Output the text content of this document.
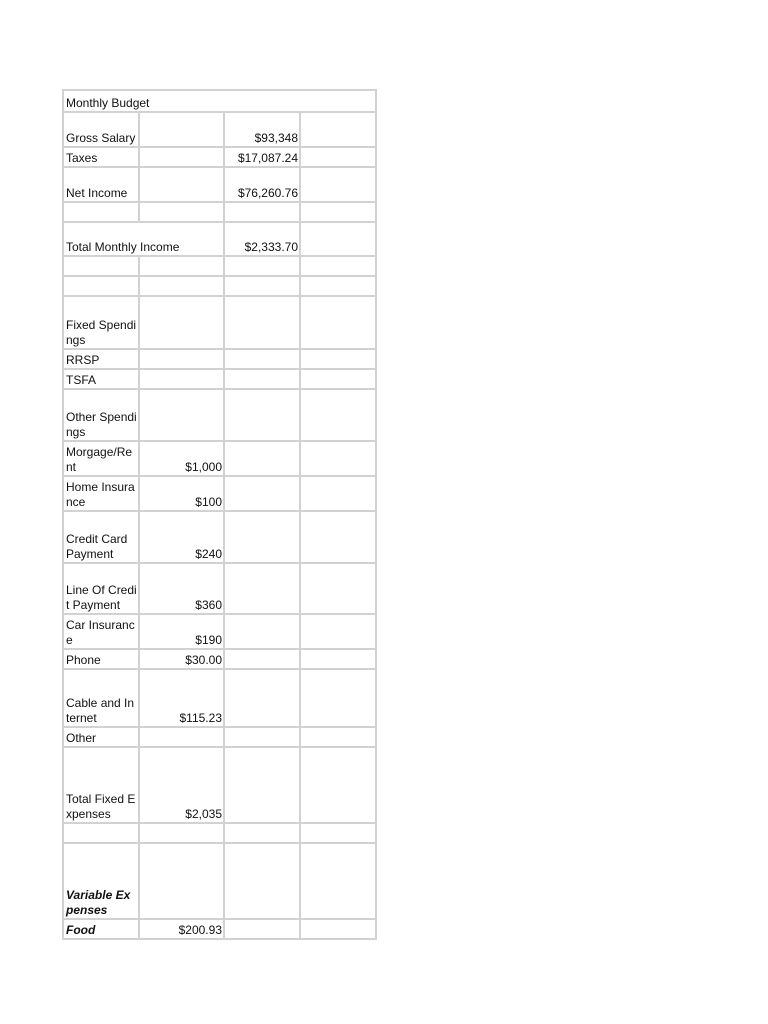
Monthly Budget			
Gross Salary		$93,348	
Taxes		$17,087.24	
Net Income		$76,260.76	

Total Monthly Income		$2,333.70	

Fixed Spendings			
RRSP			
TSFA			
Other Spendings			
Morgage/Rent	$1,000		
Home Insurance	$100		
Credit Card Payment	$240		
Line Of Credit Payment	$360		
Car Insurance	$190		
Phone	$30.00		
Cable and Internet	$115.23		
Other			
Total Fixed Expenses	$2,035		

Variable Expenses			
Food	$200.93		
